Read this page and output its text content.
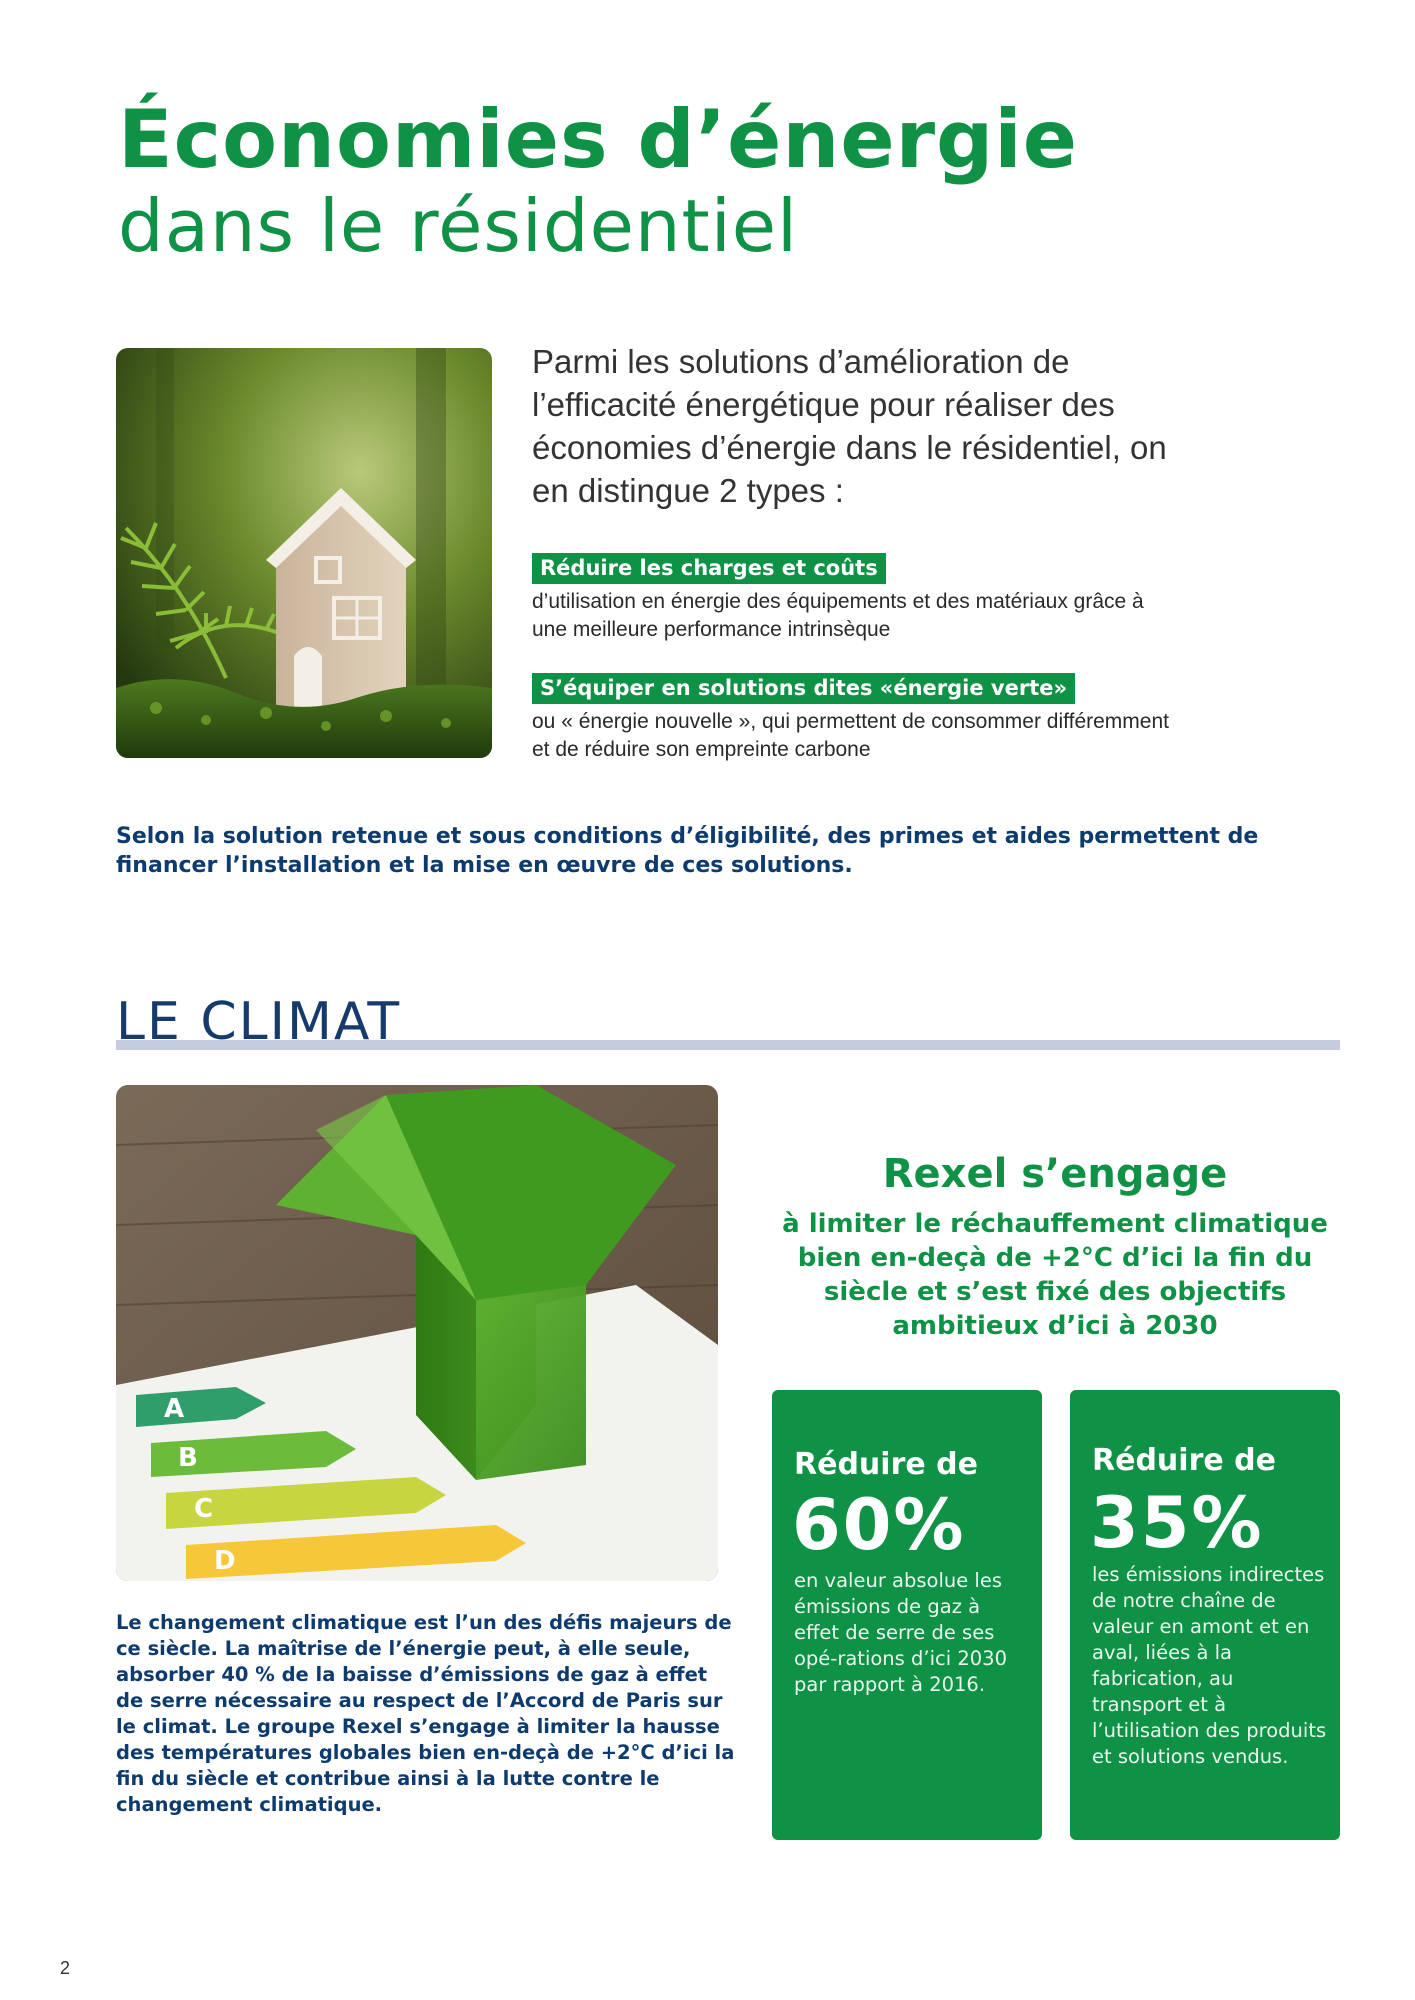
Économies d’énergie
dans le résidentiel
Parmi les solutions d’amélioration de l’efficacité énergétique pour réaliser des économies d’énergie dans le résidentiel, on en distingue 2 types :
Réduire les charges et coûts
d’utilisation en énergie des équipements et des matériaux grâce à une meilleure performance intrinsèque
S’équiper en solutions dites «énergie verte»
ou « énergie nouvelle », qui permettent de consommer différemment et de réduire son empreinte carbone
Selon la solution retenue et sous conditions d’éligibilité, des primes et aides permettent de financer l’installation et la mise en œuvre de ces solutions.
LE CLIMAT
A
B
C
D
Le changement climatique est l’un des défis majeurs de ce siècle. La maîtrise de l’énergie peut, à elle seule, absorber 40 % de la baisse d’émissions de gaz à effet de serre nécessaire au respect de l’Accord de Paris sur le climat. Le groupe Rexel s’engage à limiter la hausse des températures globales bien en-deçà de +2°C d’ici la fin du siècle et contribue ainsi à la lutte contre le changement climatique.
Rexel s’engage
à limiter le réchauffement climatique bien en-deçà de +2°C d’ici la fin du siècle et s’est fixé des objectifs ambitieux d’ici à 2030
Réduire de
60%
en valeur absolue les émissions de gaz à effet de serre de ses opé-rations d’ici 2030 par rapport à 2016.
Réduire de
35%
les émissions indirectes de notre chaîne de valeur en amont et en aval, liées à la fabrication, au transport et à l’utilisation des produits et solutions vendus.
2
